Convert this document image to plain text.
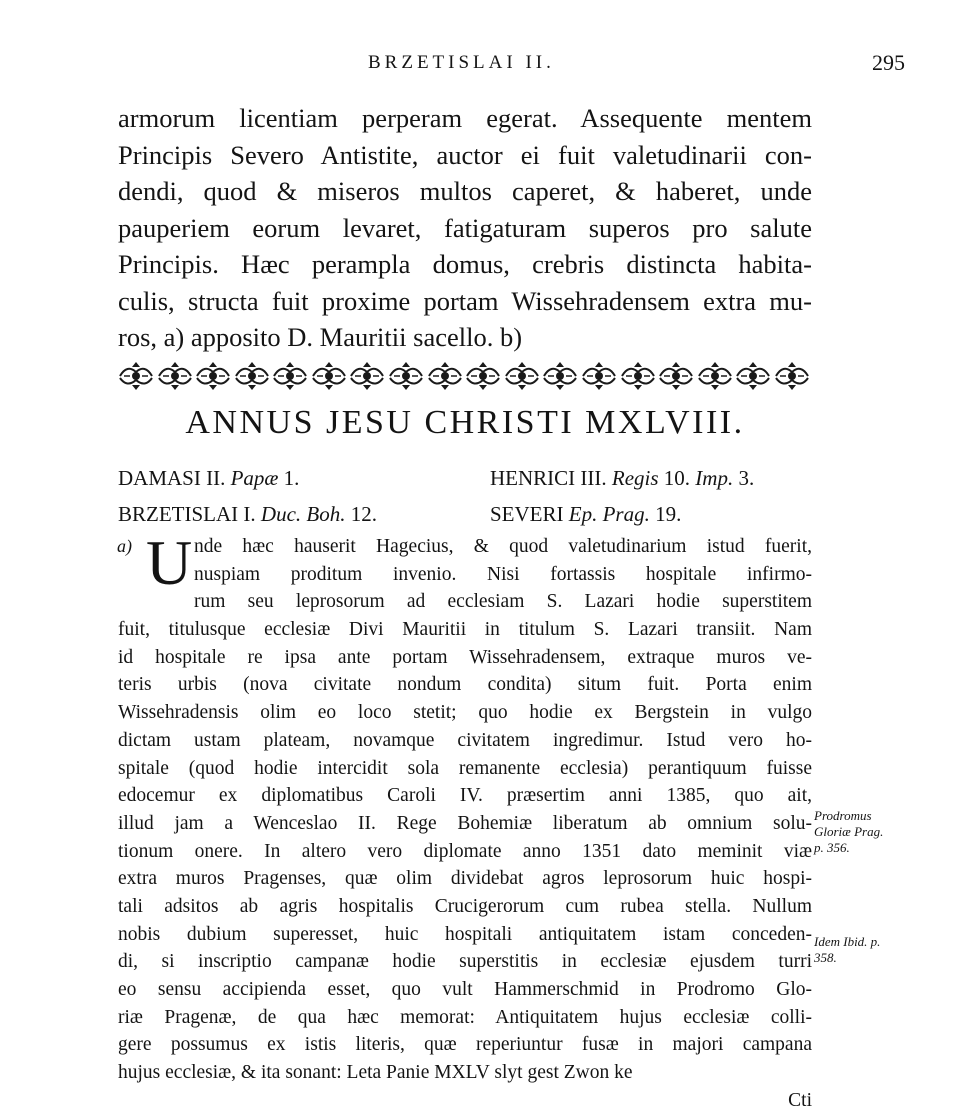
BRZETISLAI II.	295
armorum licentiam perperam egerat. Assequente mentem
Principis Severo Antistite, auctor ei fuit valetudinarii con-
dendi, quod & miseros multos caperet, & haberet, unde
pauperiem eorum levaret, fatigaturam superos pro salute
Principis. Hæc perampla domus, crebris distincta habita-
culis, structa fuit proxime portam Wissehradensem extra mu-
ros, a) apposito D. Mauritii sacello. b)
ANNUS JESU CHRISTI MXLVIII.
DAMASI II. Papæ 1.	HENRICI III. Regis 10. Imp. 3.
BRZETISLAI I. Duc. Boh. 12.	SEVERI Ep. Prag. 19.
a) U nde hæc hauserit Hagecius, & quod valetudinarium istud fuerit,
nuspiam proditum invenio. Nisi fortassis hospitale infirmo-
rum seu leprosorum ad ecclesiam S. Lazari hodie superstitem
fuit, titulusque ecclesiæ Divi Mauritii in titulum S. Lazari transiit. Nam
id hospitale re ipsa ante portam Wissehradensem, extraque muros ve-
teris urbis (nova civitate nondum condita) situm fuit. Porta enim
Wissehradensis olim eo loco stetit; quo hodie ex Bergstein in vulgo
dictam ustam plateam, novamque civitatem ingredimur. Istud vero ho-
spitale (quod hodie intercidit sola remanente ecclesia) perantiquum fuisse
edocemur ex diplomatibus Caroli IV. præsertim anni 1385, quo ait,
illud jam a Wenceslao II. Rege Bohemiæ liberatum ab omnium solu-
tionum onere. In altero vero diplomate anno 1351 dato meminit viæ
extra muros Pragenses, quæ olim dividebat agros leprosorum huic hospi-
tali adsitos ab agris hospitalis Crucigerorum cum rubea stella. Nullum
nobis dubium superesset, huic hospitali antiquitatem istam conceden-
di, si inscriptio campanæ hodie superstitis in ecclesiæ ejusdem turri
eo sensu accipienda esset, quo vult Hammerschmid in Prodromo Glo-
riæ Pragenæ, de qua hæc memorat: Antiquitatem hujus ecclesiæ colli-
gere possumus ex istis literis, quæ reperiuntur fusæ in majori campana
hujus ecclesiæ, & ita sonant: Leta Panie MXLV slyt gest Zwon ke
Cti
Prodromus
Gloriæ Prag.
p. 356.
Idem Ibid. p.
358.
